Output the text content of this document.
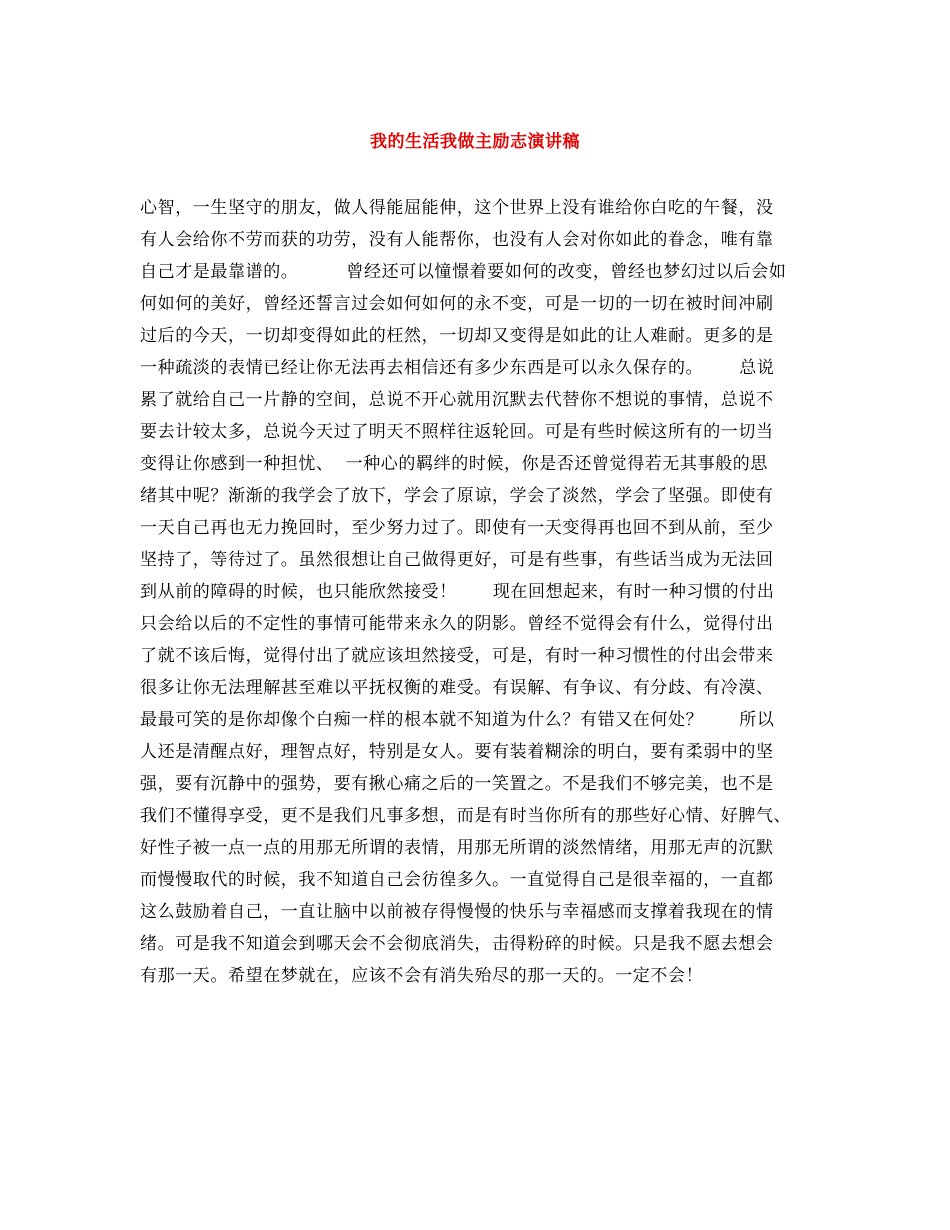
我的生活我做主励志演讲稿
心智，一生坚守的朋友，做人得能屈能伸，这个世界上没有谁给你白吃的午餐，没
有人会给你不劳而获的功劳，没有人能帮你，也没有人会对你如此的眷念，唯有靠
自己才是最靠谱的。        曾经还可以憧憬着要如何的改变，曾经也梦幻过以后会如
何如何的美好，曾经还誓言过会如何如何的永不变，可是一切的一切在被时间冲刷
过后的今天，一切却变得如此的枉然，一切却又变得是如此的让人难耐。更多的是
一种疏淡的表情已经让你无法再去相信还有多少东西是可以永久保存的。      总说
累了就给自己一片静的空间，总说不开心就用沉默去代替你不想说的事情，总说不
要去计较太多，总说今天过了明天不照样往返轮回。可是有些时候这所有的一切当
变得让你感到一种担忧、  一种心的羁绊的时候，你是否还曾觉得若无其事般的思
绪其中呢？渐渐的我学会了放下，学会了原谅，学会了淡然，学会了坚强。即使有
一天自己再也无力挽回时，至少努力过了。即使有一天变得再也回不到从前，至少
坚持了，等待过了。虽然很想让自己做得更好，可是有些事，有些话当成为无法回
到从前的障碍的时候，也只能欣然接受！      现在回想起来，有时一种习惯的付出
只会给以后的不定性的事情可能带来永久的阴影。曾经不觉得会有什么，觉得付出
了就不该后悔，觉得付出了就应该坦然接受，可是，有时一种习惯性的付出会带来
很多让你无法理解甚至难以平抚权衡的难受。有误解、有争议、有分歧、有冷漠、
最最可笑的是你却像个白痴一样的根本就不知道为什么？有错又在何处？      所以
人还是清醒点好，理智点好，特别是女人。要有装着糊涂的明白，要有柔弱中的坚
强，要有沉静中的强势，要有揪心痛之后的一笑置之。不是我们不够完美，也不是
我们不懂得享受，更不是我们凡事多想，而是有时当你所有的那些好心情、好脾气、
好性子被一点一点的用那无所谓的表情，用那无所谓的淡然情绪，用那无声的沉默
而慢慢取代的时候，我不知道自己会彷徨多久。一直觉得自己是很幸福的，一直都
这么鼓励着自己，一直让脑中以前被存得慢慢的快乐与幸福感而支撑着我现在的情
绪。可是我不知道会到哪天会不会彻底消失，击得粉碎的时候。只是我不愿去想会
有那一天。希望在梦就在，应该不会有消失殆尽的那一天的。一定不会！
